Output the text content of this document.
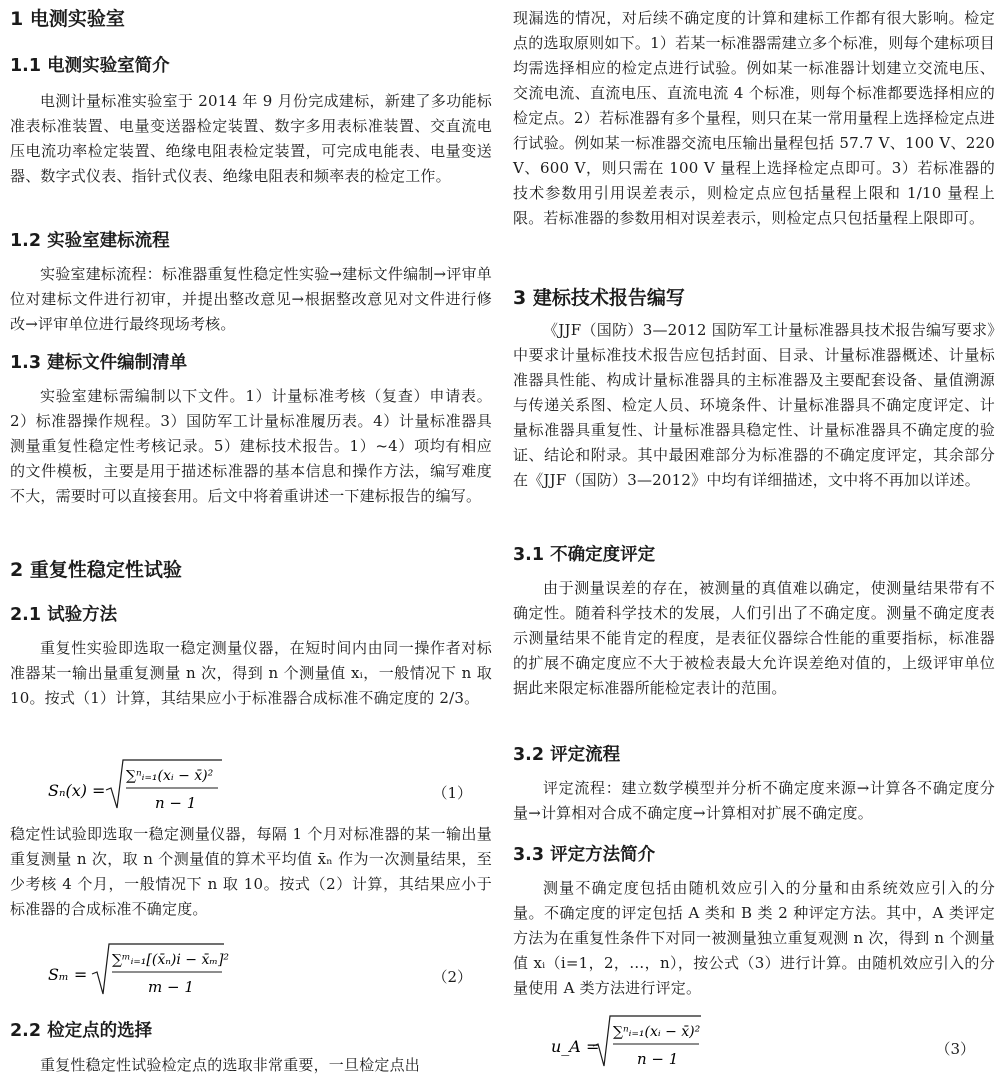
1 电测实验室
1.1 电测实验室简介

电测计量标准实验室于 2014 年 9 月份完成建标，新建了多功能标准表标准装置、电量变送器检定装置、数字多用表标准装置、交直流电压电流功率检定装置、绝缘电阻表检定装置，可完成电能表、电量变送器、数字式仪表、指针式仪表、绝缘电阻表和频率表的检定工作。

1.2 实验室建标流程

实验室建标流程：标准器重复性稳定性实验→建标文件编制→评审单位对建标文件进行初审，并提出整改意见→根据整改意见对文件进行修改→评审单位进行最终现场考核。

1.3 建标文件编制清单

实验室建标需编制以下文件。1）计量标准考核（复查）申请表。2）标准器操作规程。3）国防军工计量标准履历表。4）计量标准器具测量重复性稳定性考核记录。5）建标技术报告。1）~4）项均有相应的文件模板，主要是用于描述标准器的基本信息和操作方法，编写难度不大，需要时可以直接套用。后文中将着重讲述一下建标报告的编写。

2 重复性稳定性试验
2.1 试验方法

重复性实验即选取一稳定测量仪器，在短时间内由同一操作者对标准器某一输出量重复测量 n 次，得到 n 个测量值 xᵢ，一般情况下 n 取 10。按式（1）计算，其结果应小于标准器合成标准不确定度的 2/3。

Sₙ(x) =
∑ⁿᵢ₌₁(xᵢ − x̄)²
n − 1
（1）

稳定性试验即选取一稳定测量仪器，每隔 1 个月对标准器的某一输出量重复测量 n 次，取 n 个测量值的算术平均值 x̄ₙ 作为一次测量结果，至少考核 4 个月，一般情况下 n 取 10。按式（2）计算，其结果应小于标准器的合成标准不确定度。

Sₘ =
∑ᵐᵢ₌₁[(x̄ₙ)i − x̄ₘ]²
m − 1
（2）
2.2 检定点的选择

重复性稳定性试验检定点的选取非常重要，一旦检定点出

现漏选的情况，对后续不确定度的计算和建标工作都有很大影响。检定点的选取原则如下。1）若某一标准器需建立多个标准，则每个建标项目均需选择相应的检定点进行试验。例如某一标准器计划建立交流电压、交流电流、直流电压、直流电流 4 个标准，则每个标准都要选择相应的检定点。2）若标准器有多个量程，则只在某一常用量程上选择检定点进行试验。例如某一标准器交流电压输出量程包括 57.7 V、100 V、220 V、600 V，则只需在 100 V 量程上选择检定点即可。3）若标准器的技术参数用引用误差表示，则检定点应包括量程上限和 1/10 量程上限。若标准器的参数用相对误差表示，则检定点只包括量程上限即可。

3 建标技术报告编写

《JJF（国防）3—2012 国防军工计量标准器具技术报告编写要求》中要求计量标准技术报告应包括封面、目录、计量标准器概述、计量标准器具性能、构成计量标准器具的主标准器及主要配套设备、量值溯源与传递关系图、检定人员、环境条件、计量标准器具不确定度评定、计量标准器具重复性、计量标准器具稳定性、计量标准器具不确定度的验证、结论和附录。其中最困难部分为标准器的不确定度评定，其余部分在《JJF（国防）3—2012》中均有详细描述，文中将不再加以详述。

3.1 不确定度评定

由于测量误差的存在，被测量的真值难以确定，使测量结果带有不确定性。随着科学技术的发展，人们引出了不确定度。测量不确定度表示测量结果不能肯定的程度，是表征仪器综合性能的重要指标，标准器的扩展不确定度应不大于被检表最大允许误差绝对值的，上级评审单位据此来限定标准器所能检定表计的范围。

3.2 评定流程

评定流程：建立数学模型并分析不确定度来源→计算各不确定度分量→计算相对合成不确定度→计算相对扩展不确定度。

3.3 评定方法简介

测量不确定度包括由随机效应引入的分量和由系统效应引入的分量。不确定度的评定包括 A 类和 B 类 2 种评定方法。其中，A 类评定方法为在重复性条件下对同一被测量独立重复观测 n 次，得到 n 个测量值 xᵢ（i=1，2，…，n），按公式（3）进行计算。由随机效应引入的分量使用 A 类方法进行评定。

u_A =
∑ⁿᵢ₌₁(xᵢ − x̄)²
n − 1
（3）
